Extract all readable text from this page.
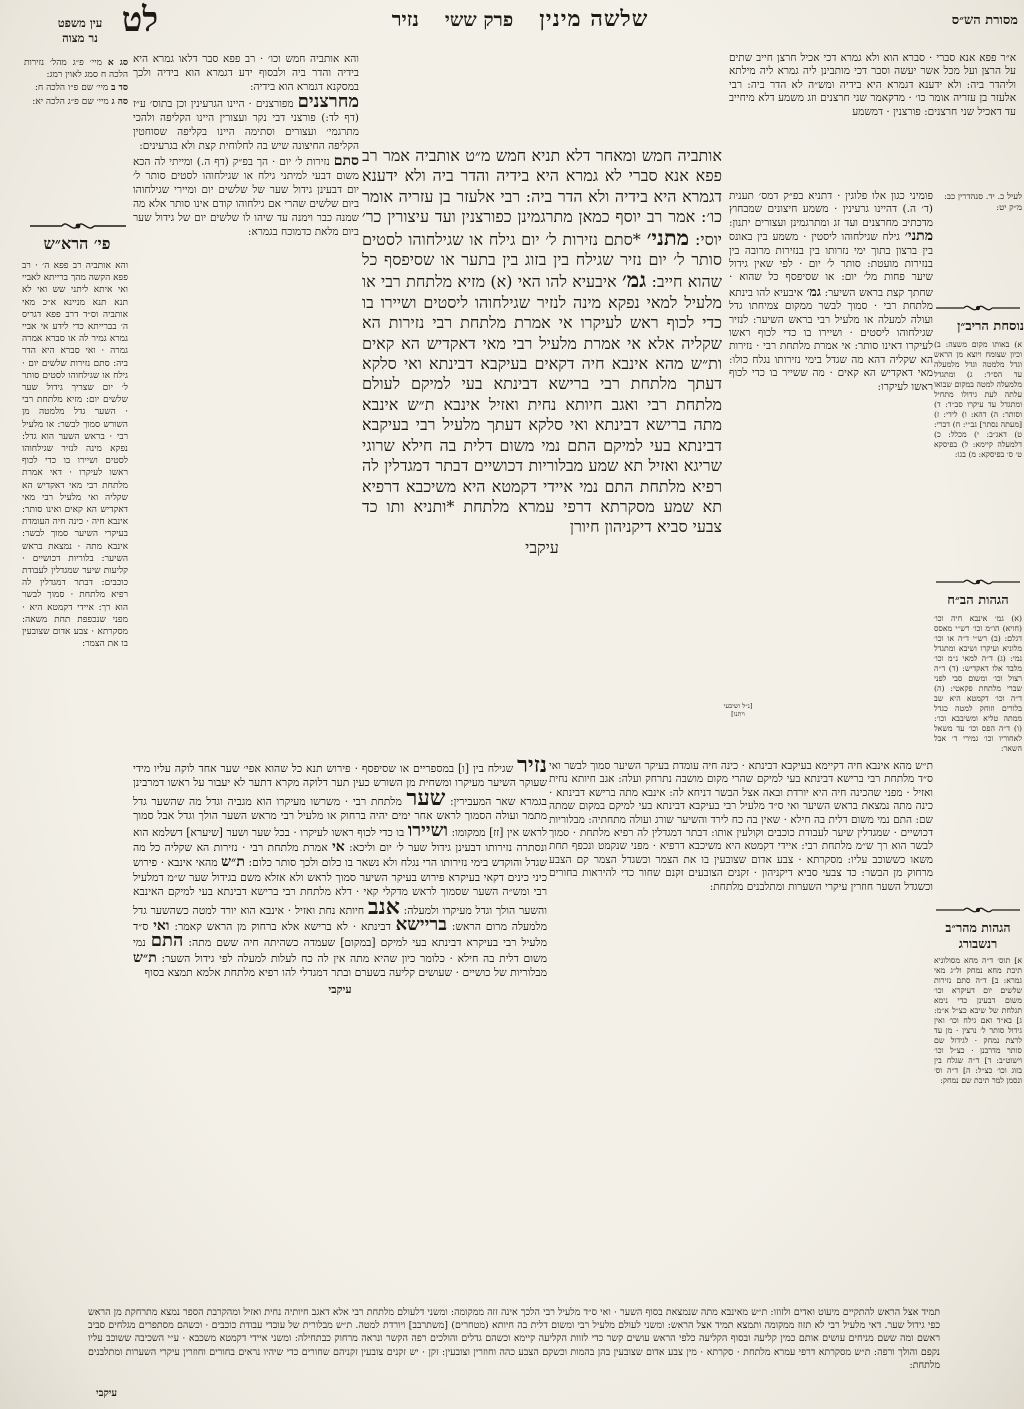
מסורת הש״ס
שלשה מינין
פרק ששי
נזיר
לט
עין משפט
נר מצוה
סג א מיי׳ פ״ג מהל׳ נזירות הלכה ח סמג לאוין רמג:
סד ב מיי׳ שם פ״ו הלכה ח:
סה ג מיי׳ שם פ״ג הלכה יא:
פי׳ הרא״ש
והא אותביה רב פפא ה׳ · רב פפא הקשה מהך ברייתא לאביי ואי איתא ליתני שש ואי לא תנא תנא מניינא א״כ מאי אותביה וס״ד דרב פפא דגריס ה׳ בברייתא כדי לידע אי אביי גמרא גמיר לה או סברא אמרה גמרה · ואי סברא היא הדר ביה: סתם נזירות שלשים יום · גילח או שגילחוהו לסטים סותר ל׳ יום שצריך גידול שער שלשים יום: מזיא מלתחת רבי · השער גדל מלמטה מן השורש סמוך לבשר: או מלעיל רבי · בראש השער הוא גדל: נפקא מינה לנזיר שגילחוהו לסטים ושיירו בו כדי לכוף ראשו לעיקרו · דאי אמרת מלתחת רבי מאי דאקדיש הא שקליה ואי מלעיל רבי מאי דאקדיש הא קאים ואינו סותר: אינבא חיה · כינה חיה העומדת בעיקרי השיער סמוך לבשר: אינבא מתה · נמצאת בראש השיער: בלוריות דכושיים · קליעות שיער שמגדלין לעבודת כוכבים: דבתר דמגדלין לה רפיא מלתחת · סמוך לבשר הוא רך: איידי דקמטא היא · מפני שנכפפת תחת משאה: מסקרתא · צבע אדום שצובעין בו את הצמר:

והא אותביה חמש וכו׳ · רב פפא סבר דלאו גמרא היא בידיה והדר ביה ולבסוף ידע דגמרא הוא בידיה ולכך במסקנא דגמרא הוא בידיה:

מחרצנים מפורצנים · היינו הגרעינין וכן בתוס׳ ע״ז (דף לד:) פורצני דבי נקר ועצורין היינו הקליפה ולהכי מתרגמי׳ ועצורים וסתימה היינו בקליפה שסוחטין הקליפה החיצונה שיש בה לחלוחית קצת ולא בגרעינים:

סתם נזירות ל׳ יום · הך בפ״ק (דף ה.) ומייתי לה הכא משום דבעי למיתני גילח או שגילחוהו לסטים סותר ל׳ יום דבעינן גידול שער של שלשים יום ומיירי שגילחוהו ביום שלשים שהרי אם גילחוהו קודם אינו סותר אלא מה שמנה כבר וימנה עד שיהו לו שלשים יום של גידול שער ביום מלאת כדמוכח בגמרא:

אותביה חמש ומאחר דלא תניא חמש מ״ט אותביה אמר רב פפא אנא סברי לא גמרא היא בידיה והדר ביה ולא ידענא דגמרא היא בידיה ולא הדר ביה: רבי אלעזר בן עזריה אומר כו׳: אמר רב יוסף כמאן מתרגמינן כפורצנין ועד עיצורין כר׳ יוסי: מתני׳ *סתם נזירות ל׳ יום גילח או שגילחוהו לסטים סותר ל׳ יום נזיר שגילח בין בזוג בין בתער או שסיפסף כל שהוא חייב: גמ׳ איבעיא להו האי (א) מזיא מלתחת רבי או מלעיל למאי נפקא מינה לנזיר שגילחוהו ליסטים ושיירו בו כדי לכוף ראש לעיקרו אי אמרת מלתחת רבי נזירות הא שקליה אלא אי אמרת מלעיל רבי מאי דאקדיש הא קאים ות״ש מהא אינבא חיה דקאים בעיקבא דבינתא ואי סלקא דעתך מלתחת רבי ברישא דבינתא בעי למיקם לעולם מלתחת רבי ואגב חיותא נחית ואזיל אינבא ת״ש אינבא מתה ברישא דבינתא ואי סלקא דעתך מלעיל רבי בעיקבא דבינתא בעי למיקם התם נמי משום דלית בה חילא שרוגי שריגא ואזיל תא שמע מבלוריות דכושיים דבתר דמגדלין לה רפיא מלתחת התם נמי איידי דקמטא היא משיכבא דרפיא תא שמע מסקרתא דרפי עמרא מלתחת *ותניא ותו כד צבעי סביא דיקניהון חיורן
עיקבי
[נ״ל ושיבעי ויתנו]
א״ר פפא אנא סברי · סברא הוא ולא גמרא דכי אכיל חרצן חייב שתים על הרצן ועל מכל אשר יעשה וסבר דכי מותבינן ליה גמרא ליה מילתא וליהדר ביה: ולא ידענא דגמרא היא בידיה ומש״ה לא הדר ביה: רבי אלעזר בן עזריה אומר כו׳ · מדקאמר שני חרצנים וזג משמע דלא מיחייב עד דאכיל שני חרצנים: פורצנין · דמשמע
פומיני כגון אלו פלוגין · דתניא בפ״ק דמס׳ תענית (ד׳ ה.) דהיינו גרעינין · משמע חיצונים שמבחוץ מדכתיב מחרצנים ועד זג ומתרגמינן ועצורים יתנון: מתני׳ גילח שגילחוהו ליסטין · משמע בין באונס בין ברצון בתוך ימי נזרותו בין בנזירות מרובה בין בנזירות מועטת: סותר ל׳ יום · לפי שאין גידול שיער פחות מל׳ יום: או שסיפסף כל שהוא · שחתך קצת בראש השיער: גמ׳ איבעיא להו בינתא מלתחת רבי · סמוך לבשר ממקום צמיחתו גדל ועולה למעלה או מלעיל רבי בראש השיער: לנזיר שגילחוהו ליסטים · ושיירו בו כדי לכוף ראשו לעיקרו דאינו סותר: אי אמרת מלתחת רבי · נזירות הא שקליה דהא מה שגדל בימי נזירותו נגלח כולו: מאי דאקדיש הא קאים · מה ששייר בו כדי לכוף ראשו לעיקרו:
ת״ש מהא אינבא חיה דקיימא בעיקבא דבינתא · כינה חיה עומדת בעיקר השיער סמוך לבשר ואי ס״ד מלתחת רבי ברישא דבינתא בעי למיקם שהרי מקום מושבה נתרחק ועלה: אגב חיותא נחית ואזיל · מפני שהכינה חיה היא יורדת ובאה אצל הבשר דניחא לה: אינבא מתה ברישא דבינתא · כינה מתה נמצאת בראש השיער ואי ס״ד מלעיל רבי בעיקבא דבינתא בעי למיקם במקום שמתה שם: התם נמי משום דלית בה חילא · שאין בה כח לירד והשיער שורג ועולה מתחתיה: מבלוריות דכושיים · שמגדלין שיער לעבודת כוכבים וקולעין אותו: דבתר דמגדלין לה רפיא מלתחת · סמוך לבשר הוא רך ש״מ מלתחת רבי: איידי דקמטא היא משיכבא דרפיא · מפני שנקמט ונכפף תחת משאו כששוכב עליו: מסקרתא · צבע אדום שצובעין בו את הצמר וכשגדל הצמר קם הצבע מרחוק מן הבשר: כד צבעי סביא דיקניהון · זקנים הצובעים זקנם שחור כדי להיראות בחורים וכשגדל השער חוזרין עיקרי השערות ומתלבנים מלתחת:
לעיל כ. יד. סנהדרין כב: מ״ק יט:
נוסחת הריב״ן
א) באותו מקום משצה: ב) וכיון שצומח ויוצא מן הראש וגדל מלמטה וגדל מלמעלה עד הס״ד: ג) ומתגדל מלמעלה למטה במקום שבואו עלתה לעת גידולו מתחיל ומתגדל עד עיקרו סב״ד: ד) וסותר: ה) דהא: ו) לידי: ז) [מעתה נסתר] גב״י: ח) דברי: ט) דאג״ב: י) מכלל: כ) דלמעלה קיימא: ל) בפיסקא ט׳ ס׳ בפיסקא: מ) בגו:
הגהות הב״ח
(א) גמ׳ אינבא חיה וכו׳ (חויא) הו״מ וכו׳ רש״י מאסס דגלם: (ב) רש״י ד״ה או וכו׳ מלוניא ועיקרו ושיבא ומתגדל נמי: (ג) ד״ה למאי נ״מ וכו׳ מלבד אלו דאקדיש: (ד) ד״ה רצול וכו׳ ומשום סבי לפני שברי מלתחת פקאטי: (ה) ד״ה וכו׳ דקמטא היא שב בלורים וזוחק למטה כגדל ממתה טליא ומשיבבא וכו׳: (ו) ד״ה הפס וכו׳ עד משאל לאחוריו וכו׳ גמירי ד׳ אבל השאר:
הגהות מהר״ב
רנשבורג
א] תוס׳ ד״ה מחא מסולוניא תיבת מחא נמחק ול״ג מאי גמרא: ב] ד״ה סתם נזירות שלשים יום דעיקרא וכו׳ משום דבעינן כדי נימא תגלחת של שיבא כצ״ל א״מ: ג] בא״ד ואם גילח וכו׳ ואין גידול סותר ל׳ נרצין · מן עד לרצת נמחק · לגידול שם סותר מדרבנן · כצ״ל וכו׳ וישוט״ב: ד] ד״ה שגלח בין בזוג וכו׳ כצ״ל: ה] ד״ה וס׳ ונסמן למר תיבת שם נמחק:
נזיר שגילח בין [ו] במספריים או שסיפסף · פירוש תנא כל שהוא אפי׳ שער אחד לוקה עליו מידי שעוקר השיער מעיקרו ומשחית מן השורש כעין תער דלוקה מקרא דתער לא יעבור על ראשו דמרבינן בגמרא שאר המעבירין: שער מלתחת רבי · משרשו מעיקרו הוא מגביה וגדל מה שהשער גדל מתמר ועולה הסמוך לראש אחר ימים יהיה ברחוק או מלעיל רבי מראש השער הולך וגדל אבל סמוך לראש אין [זז] ממקומו: ושיירו בו כדי לכוף ראשו לעיקרו · בכל שער ושער [שיערא] דשלמא הוא ונסתרה נזירותו דבעינן גידול שער ל׳ יום וליכא: אי אמרת מלתחת רבי · נזירות הא שקליה כל מה שגדל והוקדש בימי נזירותו הרי נגלח ולא נשאר בו כלום ולכך סותר כלום: ת״ש מהאי אינבא · פירוש כיני כינים דקאי בעיקרא פירוש בעיקר השיער סמוך לראש ולא אזלא משם בגידול שער ש״מ דמלעיל רבי ומש״ה השער שסמוך לראש מדקלי קאי · דלא מלתחת רבי ברישא דבינתא בעי למיקם האינבא והשער הולך וגדל מעיקרו ולמעלה: אנב חיותא נחת ואזיל · אינבא הוא יורד למטה כשהשער גדל מלמעלה מרום הראש: בריישא דבינתא · לא ברישא אלא ברחוק מן הראש קאמר: ואי ס״ד מלעיל רבי בעיקרא דבינתא בעי למיקם [במקום] שעמדה כשהיתה חיה ששם מתה: התם נמי משום דלית בה חילא · כלומר כיון שהיא מתה אין לה כח לעלות למעלה לפי גידול השער: ת״ש מבלוריות של כושיים · שעושים קליעה בשערם ובתר דמגדלי להו רפיא מלתחת אלמא תמצא בסוף
עיקבי
תמיד אצל הראש להתקיים מיעוט ואדים ולזוזו: ת״ש מאינבא מתה שנמצאת בסוף השער · ואי ס״ד מלעיל רבי הלכך אינה זזה ממקומה: ומשני דלעולם מלתחת רבי אלא דאגב חיותיה נחית ואזיל ומהקרבת הספר נמצא מתרחקת מן הראש כפי גידול שער. דאי מלעיל רבי לא תזוז ממקומה ותמצא תמיד אצל הראש: ומשני לעולם מלעיל רבי ומשום דלית בה חיותא (מטחרים) [משתרבב] ויורדת למטה. ת״ש מבלורית של עובדי עבודת כוכבים · וכשהם מסתפרים מגלחים סביב ראשם ומה ששם מניחים עושים אותם כמין קליעה ובסוף הקליעה כלפי הראש עושים קשר כדי לזוות הקליעה קיימא וכשהם גדלים והולכים רפה הקשר ונראה מרחוק כבתחילה: ומשני איידי דקמטא משכבא · ע״י השכיבה ששוכב עליו נקפם והולך ורפה: ת״ש מסקרתא דרפי עמרא מלתחת · סקרתא · מין צבע אדום שצובעין בהן בהמות וכשקם הצבע כהה וחוזרין וצובעין: זקן · יש זקנים צובעין זקניהם שחורים כדי שיהיו נראים בחורים וחוזרין עיקרי השערות ומתלבנים מלתחת:
עיקבי
